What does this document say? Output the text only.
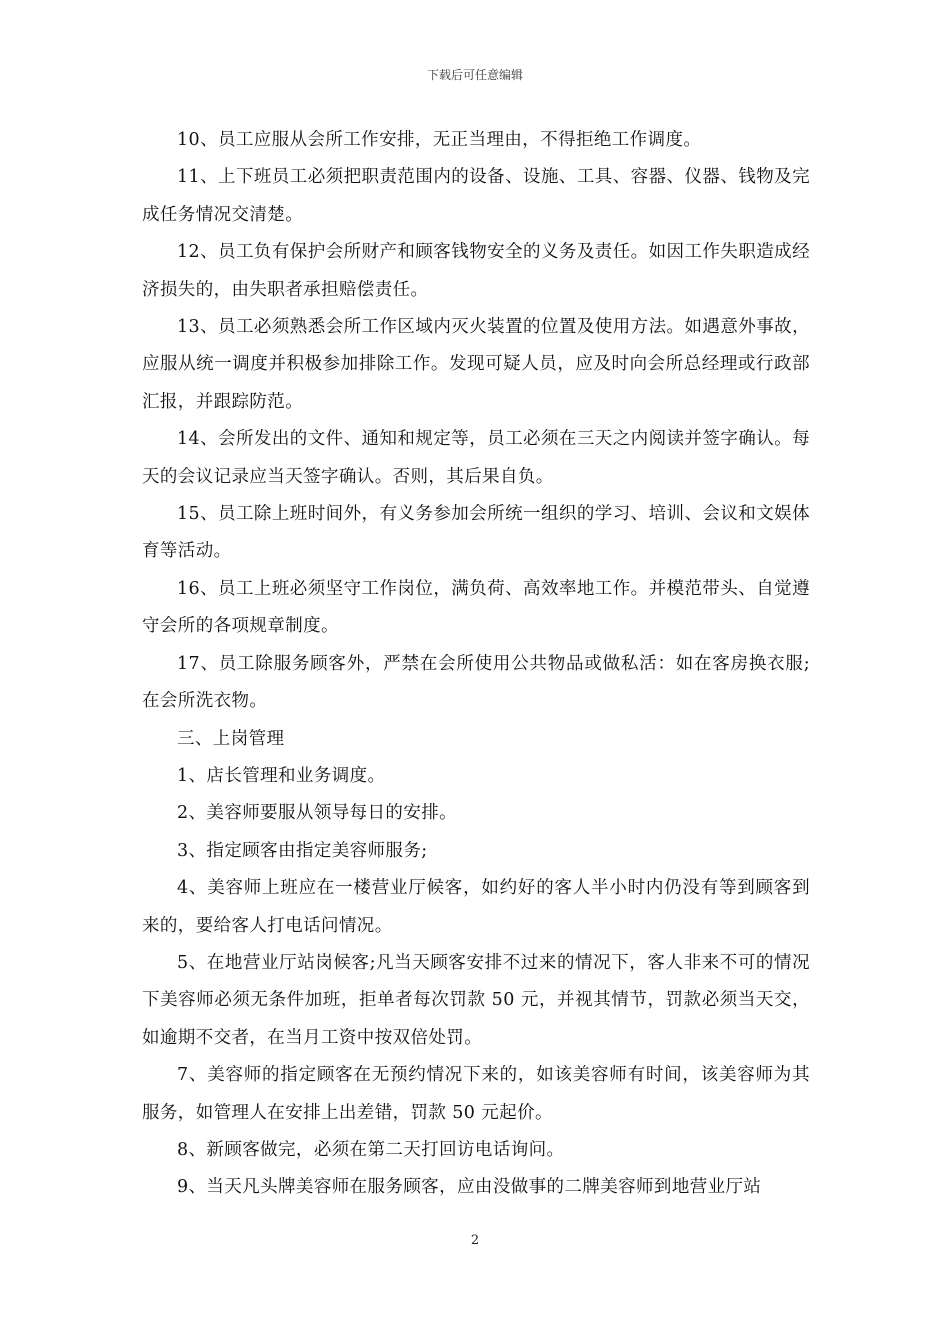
下载后可任意编辑

10、员工应服从会所工作安排，无正当理由，不得拒绝工作调度。

11、上下班员工必须把职责范围内的设备、设施、工具、容器、仪器、钱物及完成任务情况交清楚。

12、员工负有保护会所财产和顾客钱物安全的义务及责任。如因工作失职造成经济损失的，由失职者承担赔偿责任。

13、员工必须熟悉会所工作区域内灭火装置的位置及使用方法。如遇意外事故，应服从统一调度并积极参加排除工作。发现可疑人员，应及时向会所总经理或行政部汇报，并跟踪防范。

14、会所发出的文件、通知和规定等，员工必须在三天之内阅读并签字确认。每天的会议记录应当天签字确认。否则，其后果自负。

15、员工除上班时间外，有义务参加会所统一组织的学习、培训、会议和文娱体育等活动。

16、员工上班必须坚守工作岗位，满负荷、高效率地工作。并模范带头、自觉遵守会所的各项规章制度。

17、员工除服务顾客外，严禁在会所使用公共物品或做私活：如在客房换衣服;在会所洗衣物。

三、上岗管理

1、店长管理和业务调度。

2、美容师要服从领导每日的安排。

3、指定顾客由指定美容师服务;

4、美容师上班应在一楼营业厅候客，如约好的客人半小时内仍没有等到顾客到来的，要给客人打电话问情况。

5、在地营业厅站岗候客;凡当天顾客安排不过来的情况下，客人非来不可的情况下美容师必须无条件加班，拒单者每次罚款 50 元，并视其情节，罚款必须当天交，如逾期不交者，在当月工资中按双倍处罚。

7、美容师的指定顾客在无预约情况下来的，如该美容师有时间，该美容师为其服务，如管理人在安排上出差错，罚款 50 元起价。

8、新顾客做完，必须在第二天打回访电话询问。

9、当天凡头牌美容师在服务顾客，应由没做事的二牌美容师到地营业厅站

2
